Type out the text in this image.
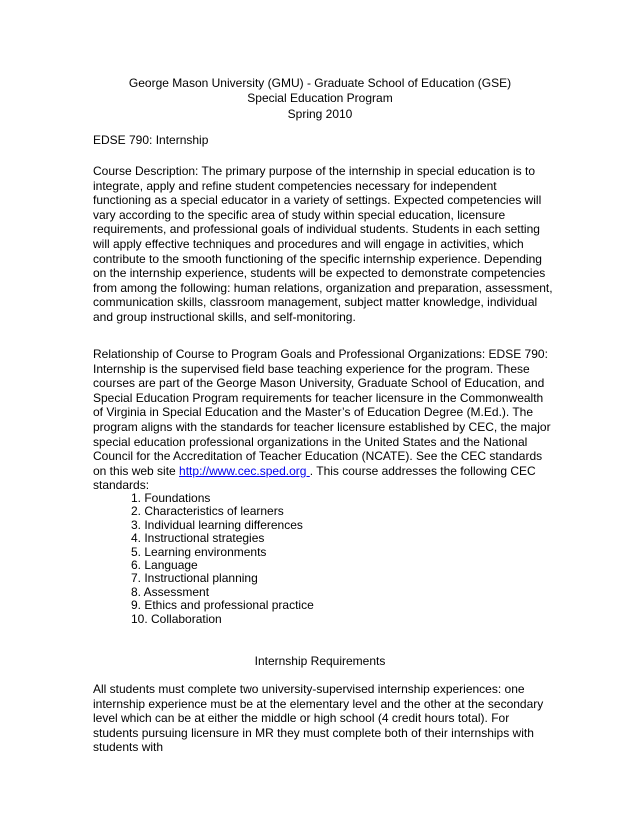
George Mason University (GMU) - Graduate School of Education (GSE)
Special Education Program
Spring 2010
EDSE 790: Internship
Course Description: The primary purpose of the internship in special education is to integrate, apply and refine student competencies necessary for independent functioning as a special educator in a variety of settings. Expected competencies will vary according to the specific area of study within special education, licensure requirements, and professional goals of individual students. Students in each setting will apply effective techniques and procedures and will engage in activities, which contribute to the smooth functioning of the specific internship experience. Depending on the internship experience, students will be expected to demonstrate competencies from among the following: human relations, organization and preparation, assessment, communication skills, classroom management, subject matter knowledge, individual and group instructional skills, and self-monitoring.
Relationship of Course to Program Goals and Professional Organizations: EDSE 790: Internship is the supervised field base teaching experience for the program. These courses are part of the George Mason University, Graduate School of Education, and Special Education Program requirements for teacher licensure in the Commonwealth of Virginia in Special Education and the Master’s of Education Degree (M.Ed.). The program aligns with the standards for teacher licensure established by CEC, the major special education professional organizations in the United States and the National Council for the Accreditation of Teacher Education (NCATE). See the CEC standards on this web site http://www.cec.sped.org . This course addresses the following CEC standards:
1. Foundations
2. Characteristics of learners
3. Individual learning differences
4. Instructional strategies
5. Learning environments
6. Language
7. Instructional planning
8. Assessment
9. Ethics and professional practice
10. Collaboration
Internship Requirements
All students must complete two university-supervised internship experiences: one internship experience must be at the elementary level and the other at the secondary level which can be at either the middle or high school (4 credit hours total). For students pursuing licensure in MR they must complete both of their internships with students with
